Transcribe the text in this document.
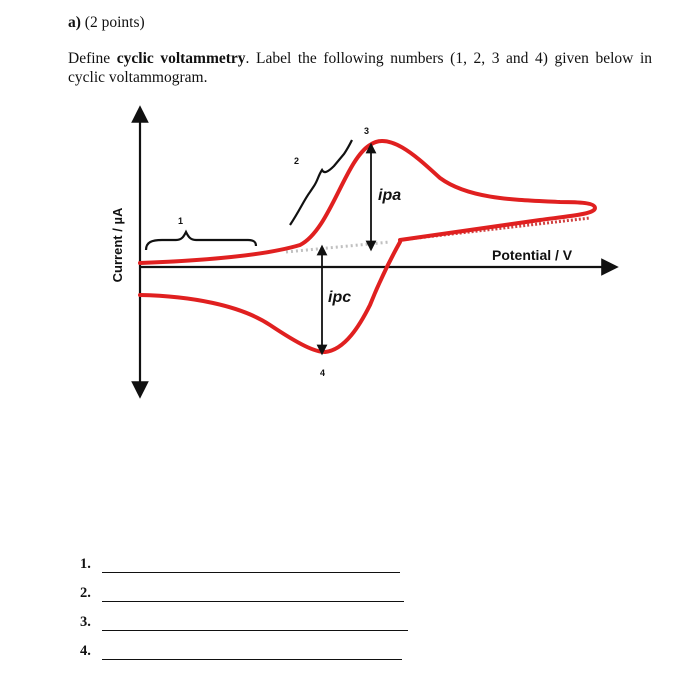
a) (2 points)
Define cyclic voltammetry. Label the following numbers (1, 2, 3 and 4) given below in cyclic voltammogram.
Current / µA	Potential / V
ipa
ipc
1
2
3
4
1.
2.
3.
4.
